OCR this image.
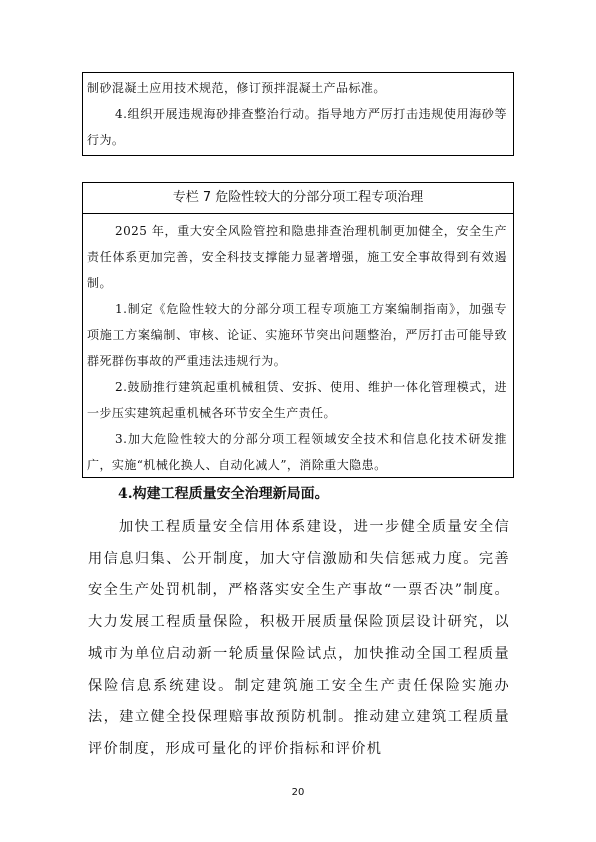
制砂混凝土应用技术规范，修订预拌混凝土产品标准。

4.组织开展违规海砂排查整治行动。指导地方严厉打击违规使用海砂等行为。

专栏 7 危险性较大的分部分项工程专项治理

2025 年，重大安全风险管控和隐患排查治理机制更加健全，安全生产责任体系更加完善，安全科技支撑能力显著增强，施工安全事故得到有效遏制。

1.制定《危险性较大的分部分项工程专项施工方案编制指南》，加强专项施工方案编制、审核、论证、实施环节突出问题整治，严厉打击可能导致群死群伤事故的严重违法违规行为。

2.鼓励推行建筑起重机械租赁、安拆、使用、维护一体化管理模式，进一步压实建筑起重机械各环节安全生产责任。

3.加大危险性较大的分部分项工程领域安全技术和信息化技术研发推广，实施“机械化换人、自动化减人”，消除重大隐患。

4.构建工程质量安全治理新局面。

加快工程质量安全信用体系建设，进一步健全质量安全信用信息归集、公开制度，加大守信激励和失信惩戒力度。完善安全生产处罚机制，严格落实安全生产事故“一票否决”制度。大力发展工程质量保险，积极开展质量保险顶层设计研究，以城市为单位启动新一轮质量保险试点，加快推动全国工程质量保险信息系统建设。制定建筑施工安全生产责任保险实施办法，建立健全投保理赔事故预防机制。推动建立建筑工程质量评价制度，形成可量化的评价指标和评价机

20
